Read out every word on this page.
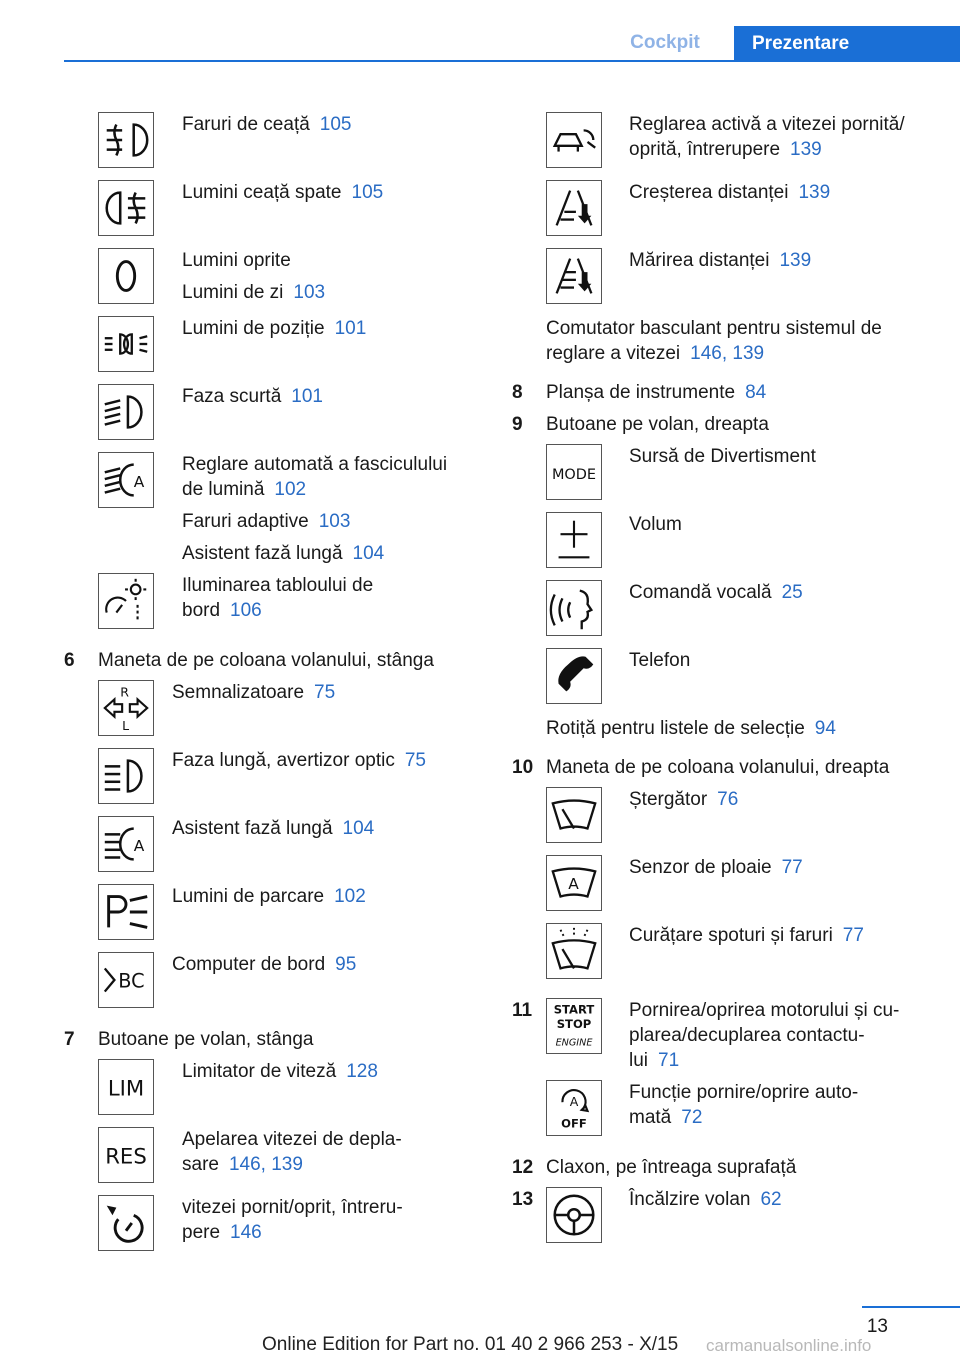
Cockpit	Prezentare
Faruri de ceață 105
Lumini ceață spate 105
Lumini oprite
Lumini de zi 103
Lumini de poziție 101
Faza scurtă 101
A
Reglare automată a fasciculului
de lumină 102
Faruri adaptive 103
Asistent fază lungă 104
Iluminarea tabloului de
bord 106
6 Maneta de pe coloana volanului, stânga
R
L
Semnalizatoare 75
Faza lungă, avertizor optic 75
A
Asistent fază lungă 104
Lumini de parcare 102
BC
Computer de bord 95
7 Butoane pe volan, stânga
LIM
Limitator de viteză 128
RES
Apelarea vitezei de depla-
sare 146, 139
vitezei pornit/oprit, întreru-
pere 146
Reglarea activă a vitezei pornită/
oprită, întrerupere 139
Creșterea distanței 139
Mărirea distanței 139
Comutator basculant pentru sistemul de
reglare a vitezei 146, 139
8 Planșa de instrumente 84
9 Butoane pe volan, dreapta
MODE
Sursă de Divertisment
Volum
Comandă vocală 25
Telefon
Rotiță pentru listele de selecție 94
10 Maneta de pe coloana volanului, dreapta
Ștergător 76
A
Senzor de ploaie 77
Curățare spoturi și faruri 77
11 START
STOP
ENGINE
Pornirea/oprirea motorului și cu-
plarea/decuplarea contactu-
lui 71
A
OFF
Funcție pornire/oprire auto-
mată 72
12 Claxon, pe întreaga suprafață
13	Încălzire volan 62
13
Online Edition for Part no. 01 40 2 966 253 - X/15 carmanualsonline.info
